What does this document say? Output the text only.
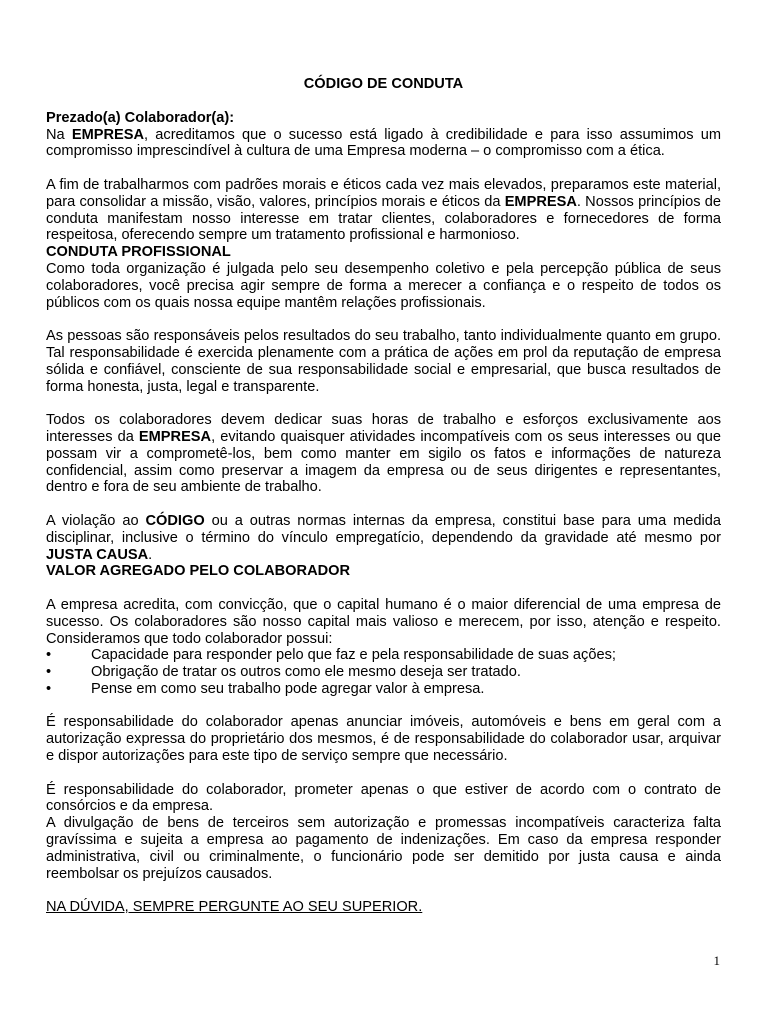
CÓDIGO DE CONDUTA
Prezado(a) Colaborador(a):

Na EMPRESA, acreditamos que o sucesso está ligado à credibilidade e para isso assumimos um compromisso imprescindível à cultura de uma Empresa moderna – o compromisso com a ética.

A fim de trabalharmos com padrões morais e éticos cada vez mais elevados, preparamos este material, para consolidar a missão, visão, valores, princípios morais e éticos da EMPRESA. Nossos princípios de conduta manifestam nosso interesse em tratar clientes, colaboradores e fornecedores de forma respeitosa, oferecendo sempre um tratamento profissional e harmonioso.

CONDUTA PROFISSIONAL

Como toda organização é julgada pelo seu desempenho coletivo e pela percepção pública de seus colaboradores, você precisa agir sempre de forma a merecer a confiança e o respeito de todos os públicos com os quais nossa equipe mantêm relações profissionais.

As pessoas são responsáveis pelos resultados do seu trabalho, tanto individualmente quanto em grupo. Tal responsabilidade é exercida plenamente com a prática de ações em prol da reputação de empresa sólida e confiável, consciente de sua responsabilidade social e empresarial, que busca resultados de forma honesta, justa, legal e transparente.

Todos os colaboradores devem dedicar suas horas de trabalho e esforços exclusivamente aos interesses da EMPRESA, evitando quaisquer atividades incompatíveis com os seus interesses ou que possam vir a comprometê-los, bem como manter em sigilo os fatos e informações de natureza confidencial, assim como preservar a imagem da empresa ou de seus dirigentes e representantes, dentro e fora de seu ambiente de trabalho.

A violação ao CÓDIGO ou a outras normas internas da empresa, constitui base para uma medida disciplinar, inclusive o término do vínculo empregatício, dependendo da gravidade até mesmo por JUSTA CAUSA.

VALOR AGREGADO PELO COLABORADOR

A empresa acredita, com convicção, que o capital humano é o maior diferencial de uma empresa de sucesso. Os colaboradores são nosso capital mais valioso e merecem, por isso, atenção e respeito. Consideramos que todo colaborador possui:

•	Capacidade para responder pelo que faz e pela responsabilidade de suas ações;
•	Obrigação de tratar os outros como ele mesmo deseja ser tratado.
•	Pense em como seu trabalho pode agregar valor à empresa.

É responsabilidade do colaborador apenas anunciar imóveis, automóveis e bens em geral com a autorização expressa do proprietário dos mesmos, é de responsabilidade do colaborador usar, arquivar e dispor autorizações para este tipo de serviço sempre que necessário.

É responsabilidade do colaborador, prometer apenas o que estiver de acordo com o contrato de consórcios e da empresa.

A divulgação de bens de terceiros sem autorização e promessas incompatíveis caracteriza falta gravíssima e sujeita a empresa ao pagamento de indenizações. Em caso da empresa responder administrativa, civil ou criminalmente, o funcionário pode ser demitido por justa causa e ainda reembolsar os prejuízos causados.

NA DÚVIDA, SEMPRE PERGUNTE AO SEU SUPERIOR.

1
